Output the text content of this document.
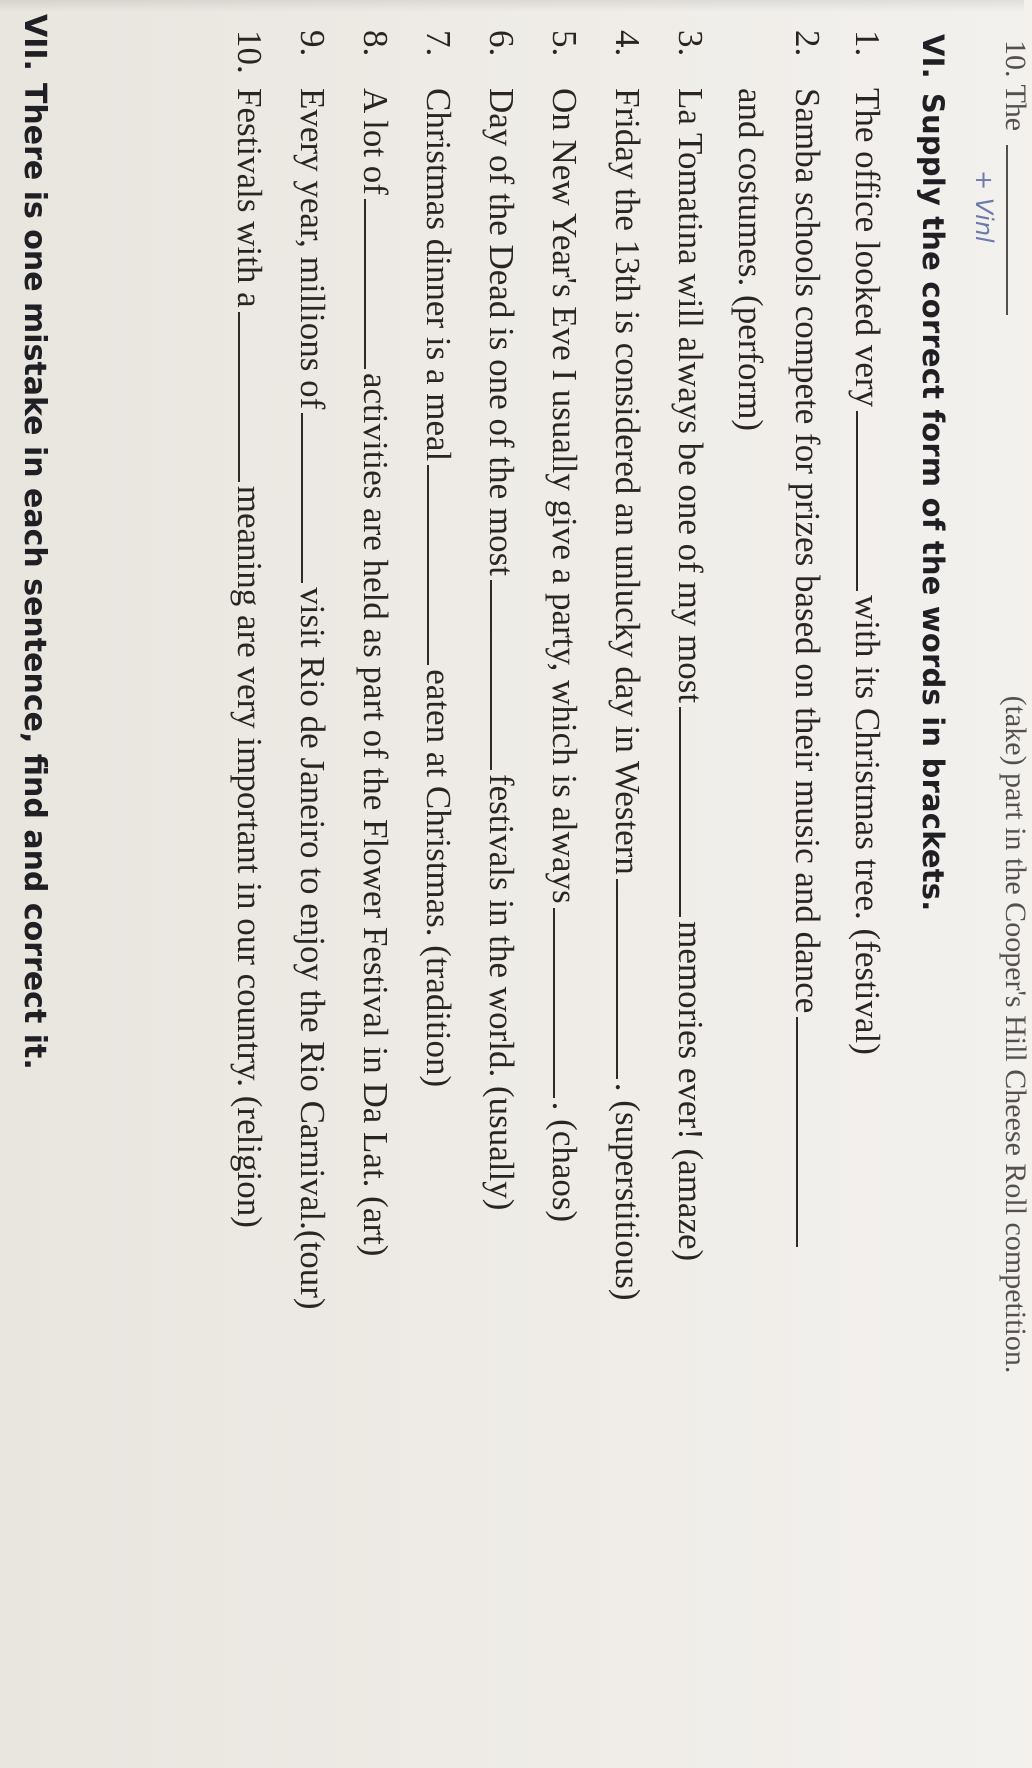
10. The   (take) part in the Cooper's Hill Cheese Roll competition.
+ Vinl
VI.Supply the correct form of the words in brackets.
1.
The office looked very
with its Christmas tree. (festival)
2.
Samba schools compete for prizes based on their music and dance
and costumes. (perform)
3.
La Tomatina will always be one of my most
memories ever! (amaze)
4.
Friday the 13th is considered an unlucky day in Western
. (superstitious)
5.
On New Year's Eve I usually give a party, which is always
. (chaos)
6.
Day of the Dead is one of the most
festivals in the world. (usually)
7.
Christmas dinner is a meal
eaten at Christmas. (tradition)
8.
A lot of
activities are held as part of the Flower Festival in Da Lat. (art)
9.
Every year, millions of
visit Rio de Janeiro to enjoy the Rio Carnival.(tour)
10.
Festivals with a
meaning are very important in our country. (religion)
VII.There is one mistake in each sentence, find and correct it.
